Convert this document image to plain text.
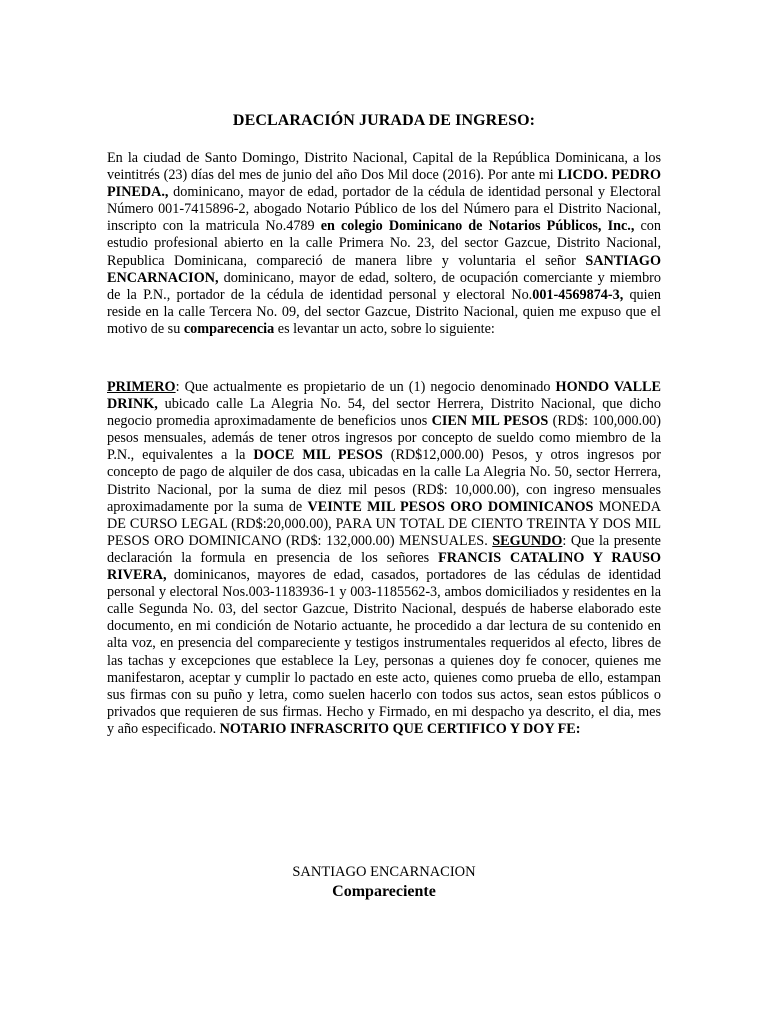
DECLARACIÓN JURADA DE INGRESO:

En la ciudad de Santo Domingo, Distrito Nacional, Capital de la República Dominicana, a los veintitrés (23) días del mes de junio del año Dos Mil doce (2016). Por ante mi LICDO. PEDRO PINEDA., dominicano, mayor de edad, portador de la cédula de identidad personal y Electoral Número 001-7415896-2, abogado Notario Público de los del Número para el Distrito Nacional, inscripto con la matricula No.4789 en colegio Dominicano de Notarios Públicos, Inc., con estudio profesional abierto en la calle Primera No. 23, del sector Gazcue, Distrito Nacional, Republica Dominicana, compareció de manera libre y voluntaria el señor SANTIAGO ENCARNACION, dominicano, mayor de edad, soltero, de ocupación comerciante y miembro de la P.N., portador de la cédula de identidad personal y electoral No.001-4569874-3, quien reside en la calle Tercera No. 09, del sector Gazcue, Distrito Nacional, quien me expuso que el motivo de su comparecencia es levantar un acto, sobre lo siguiente:

PRIMERO: Que actualmente es propietario de un (1) negocio denominado HONDO VALLE DRINK, ubicado calle La Alegria No. 54, del sector Herrera, Distrito Nacional, que dicho negocio promedia aproximadamente de beneficios unos CIEN MIL PESOS (RD$: 100,000.00) pesos mensuales, además de tener otros ingresos por concepto de sueldo como miembro de la P.N., equivalentes a la DOCE MIL PESOS (RD$12,000.00) Pesos, y otros ingresos por concepto de pago de alquiler de dos casa, ubicadas en la calle La Alegria No. 50, sector Herrera, Distrito Nacional, por la suma de diez mil pesos (RD$: 10,000.00), con ingreso mensuales aproximadamente por la suma de VEINTE MIL PESOS ORO DOMINICANOS MONEDA DE CURSO LEGAL (RD$:20,000.00), PARA UN TOTAL DE CIENTO TREINTA Y DOS MIL PESOS ORO DOMINICANO (RD$: 132,000.00) MENSUALES. SEGUNDO: Que la presente declaración la formula en presencia de los señores FRANCIS CATALINO Y RAUSO RIVERA, dominicanos, mayores de edad, casados, portadores de las cédulas de identidad personal y electoral Nos.003-1183936-1 y 003-1185562-3, ambos domiciliados y residentes en la calle Segunda No. 03, del sector Gazcue, Distrito Nacional, después de haberse elaborado este documento, en mi condición de Notario actuante, he procedido a dar lectura de su contenido en alta voz, en presencia del compareciente y testigos instrumentales requeridos al efecto, libres de las tachas y excepciones que establece la Ley, personas a quienes doy fe conocer, quienes me manifestaron, aceptar y cumplir lo pactado en este acto, quienes como prueba de ello, estampan sus firmas con su puño y letra, como suelen hacerlo con todos sus actos, sean estos públicos o privados que requieren de sus firmas. Hecho y Firmado, en mi despacho ya descrito, el dia, mes y año especificado. NOTARIO INFRASCRITO QUE CERTIFICO Y DOY FE:

SANTIAGO ENCARNACION
Compareciente
